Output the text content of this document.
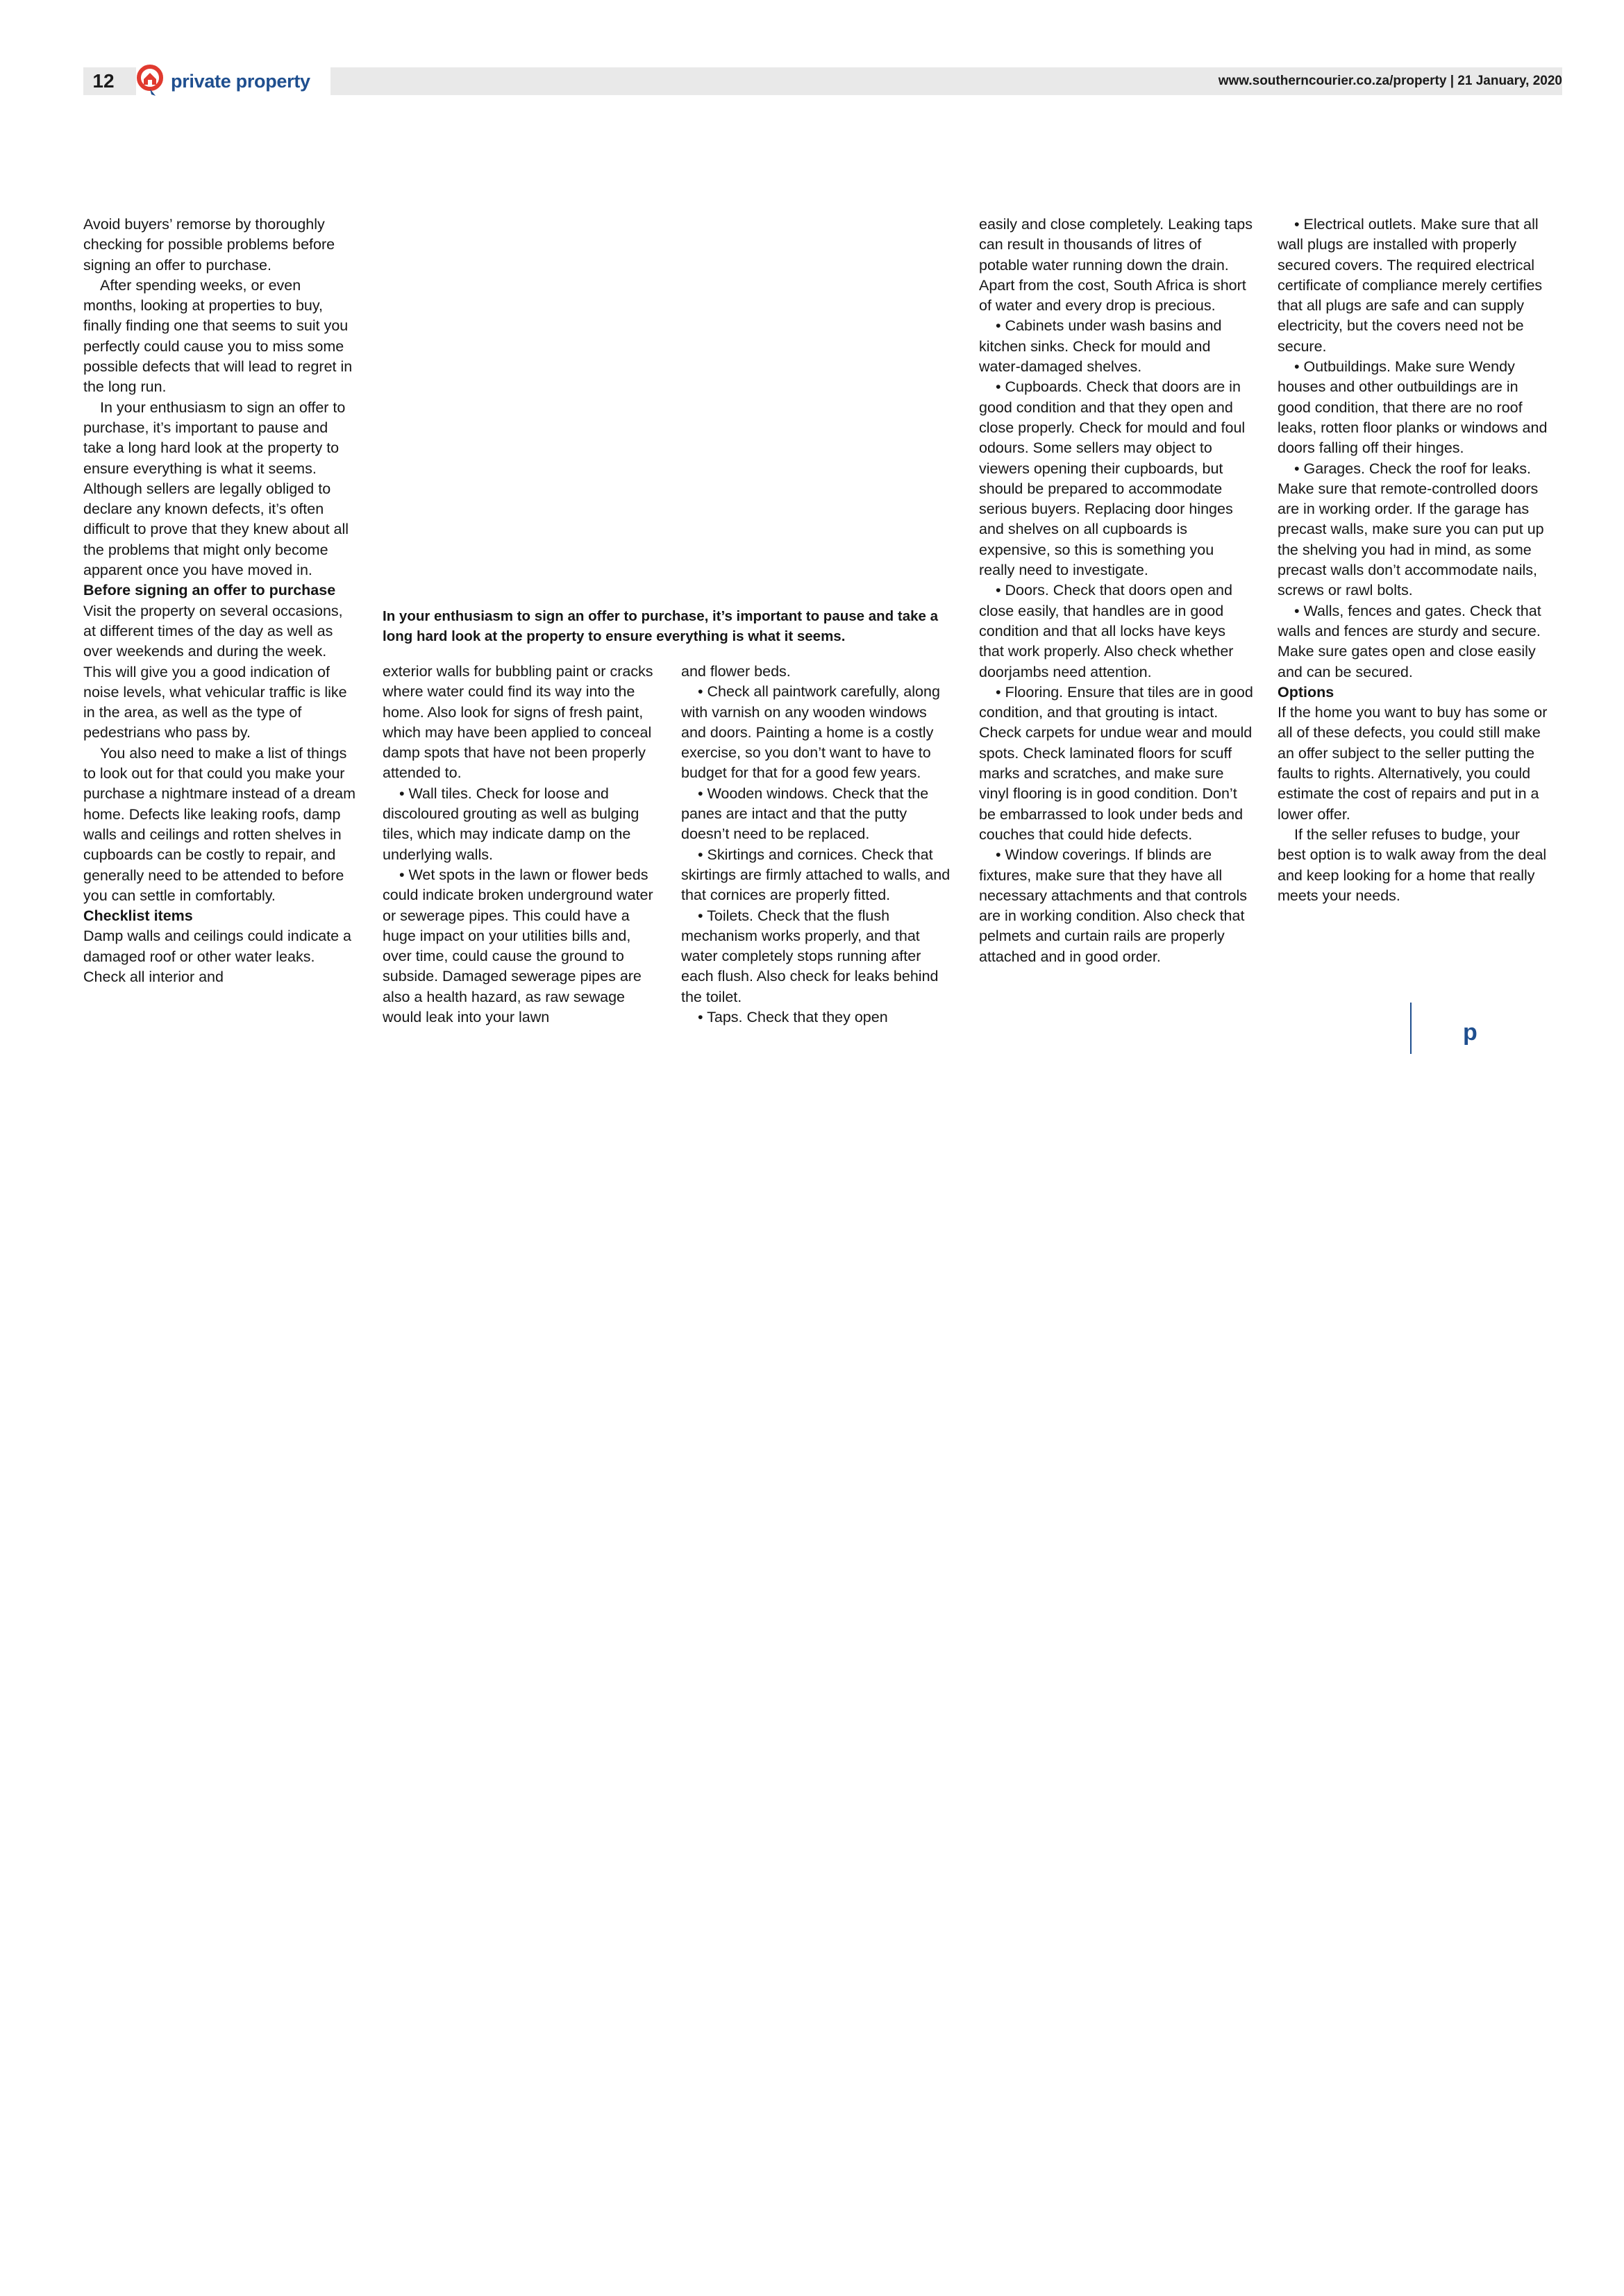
12	private property	www.southerncourier.co.za/property | 21 January, 2020

Avoid buyers’ remorse by thoroughly checking for possible problems before signing an offer to purchase.

After spending weeks, or even months, looking at properties to buy, finally finding one that seems to suit you perfectly could cause you to miss some possible defects that will lead to regret in the long run.

In your enthusiasm to sign an offer to purchase, it’s important to pause and take a long hard look at the property to ensure everything is what it seems. Although sellers are legally obliged to declare any known defects, it’s often difficult to prove that they knew about all the problems that might only become apparent once you have moved in.

Before signing an offer to purchase

Visit the property on several occasions, at different times of the day as well as over weekends and during the week. This will give you a good indication of noise levels, what vehicular traffic is like in the area, as well as the type of pedestrians who pass by.

You also need to make a list of things to look out for that could you make your purchase a nightmare instead of a dream home. Defects like leaking roofs, damp walls and ceilings and rotten shelves in cupboards can be costly to repair, and generally need to be attended to before you can settle in comfortably.

Checklist items

Damp walls and ceilings could indicate a damaged roof or other water leaks. Check all interior and

exterior walls for bubbling paint or cracks where water could find its way into the home. Also look for signs of fresh paint, which may have been applied to conceal damp spots that have not been properly attended to.

• Wall tiles. Check for loose and discoloured grouting as well as bulging tiles, which may indicate damp on the underlying walls.

• Wet spots in the lawn or flower beds could indicate broken underground water or sewerage pipes. This could have a huge impact on your utilities bills and, over time, could cause the ground to subside. Damaged sewerage pipes are also a health hazard, as raw sewage would leak into your lawn

and flower beds.

• Check all paintwork carefully, along with varnish on any wooden windows and doors. Painting a home is a costly exercise, so you don’t want to have to budget for that for a good few years.

• Wooden windows. Check that the panes are intact and that the putty doesn’t need to be replaced.

• Skirtings and cornices. Check that skirtings are firmly attached to walls, and that cornices are properly fitted.

• Toilets. Check that the flush mechanism works properly, and that water completely stops running after each flush. Also check for leaks behind the toilet.

• Taps. Check that they open

easily and close completely. Leaking taps can result in thousands of litres of potable water running down the drain. Apart from the cost, South Africa is short of water and every drop is precious.

• Cabinets under wash basins and kitchen sinks. Check for mould and water-damaged shelves.

• Cupboards. Check that doors are in good condition and that they open and close properly. Check for mould and foul odours. Some sellers may object to viewers opening their cupboards, but should be prepared to accommodate serious buyers. Replacing door hinges and shelves on all cupboards is expensive, so this is something you really need to investigate.

• Doors. Check that doors open and close easily, that handles are in good condition and that all locks have keys that work properly. Also check whether doorjambs need attention.

• Flooring. Ensure that tiles are in good condition, and that grouting is intact. Check carpets for undue wear and mould spots. Check laminated floors for scuff marks and scratches, and make sure vinyl flooring is in good condition. Don’t be embarrassed to look under beds and couches that could hide defects.

• Window coverings. If blinds are fixtures, make sure that they have all necessary attachments and that controls are in working condition. Also check that pelmets and curtain rails are properly attached and in good order.

• Electrical outlets. Make sure that all wall plugs are installed with properly secured covers. The required electrical certificate of compliance merely certifies that all plugs are safe and can supply electricity, but the covers need not be secure.

• Outbuildings. Make sure Wendy houses and other outbuildings are in good condition, that there are no roof leaks, rotten floor planks or windows and doors falling off their hinges.

• Garages. Check the roof for leaks. Make sure that remote-controlled doors are in working order. If the garage has precast walls, make sure you can put up the shelving you had in mind, as some precast walls don’t accommodate nails, screws or rawl bolts.

• Walls, fences and gates. Check that walls and fences are sturdy and secure. Make sure gates open and close easily and can be secured.

Options

If the home you want to buy has some or all of these defects, you could still make an offer subject to the seller putting the faults to rights. Alternatively, you could estimate the cost of repairs and put in a lower offer.

If the seller refuses to budge, your best option is to walk away from the deal and keep looking for a home that really meets your needs.

In your enthusiasm to sign an offer to purchase, it’s important to pause and take a long hard look at the property to ensure everything is what it seems.
p
